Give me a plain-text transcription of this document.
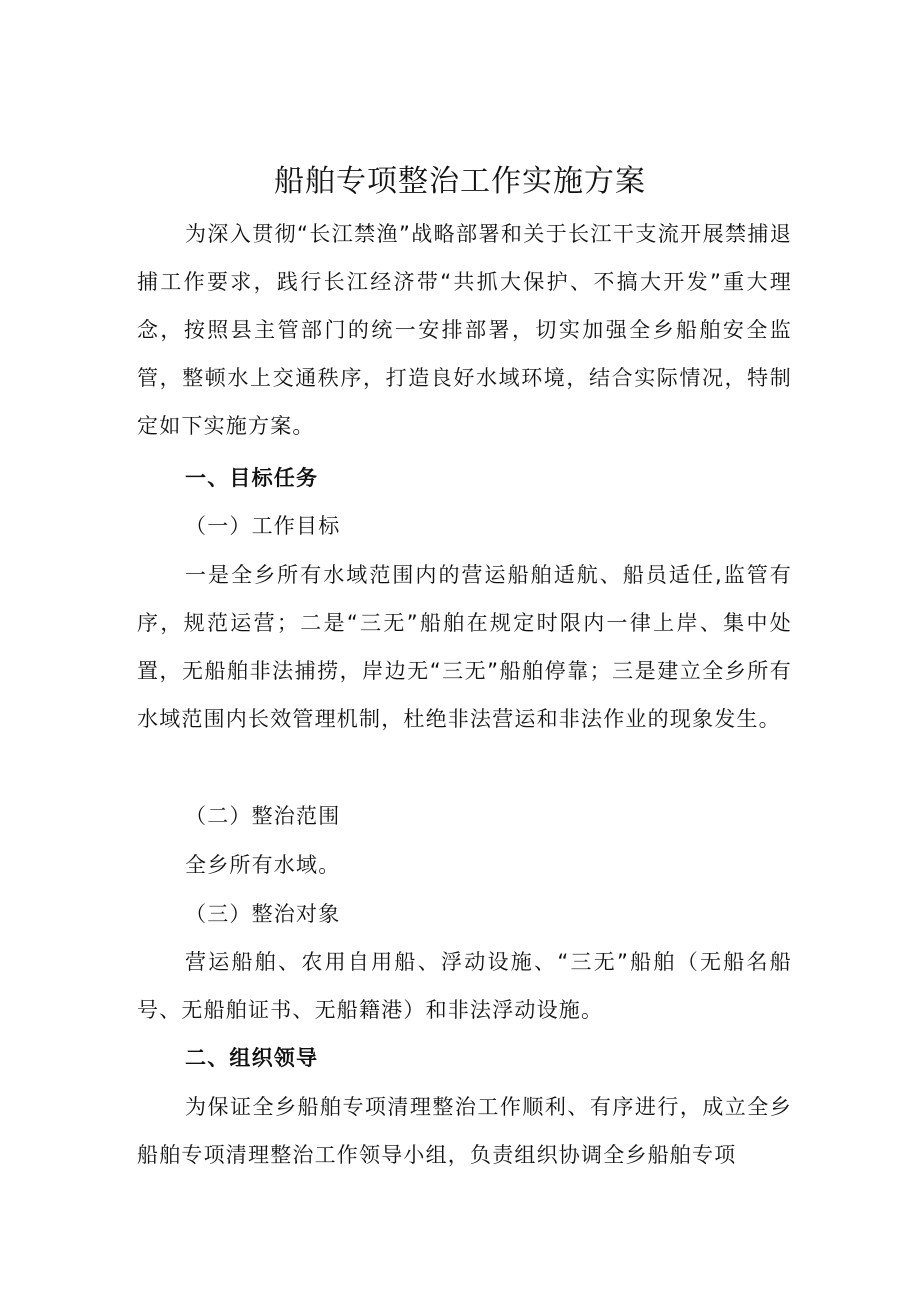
船舶专项整治工作实施方案

为深入贯彻“长江禁渔”战略部署和关于长江干支流开展禁捕退捕工作要求，践行长江经济带“共抓大保护、不搞大开发”重大理念，按照县主管部门的统一安排部署，切实加强全乡船舶安全监管，整顿水上交通秩序，打造良好水域环境，结合实际情况，特制定如下实施方案。

一、目标任务
（一）工作目标

一是全乡所有水域范围内的营运船舶适航、船员适任,监管有序，规范运营；二是“三无”船舶在规定时限内一律上岸、集中处置，无船舶非法捕捞，岸边无“三无”船舶停靠；三是建立全乡所有水域范围内长效管理机制，杜绝非法营运和非法作业的现象发生。

（二）整治范围
全乡所有水域。
（三）整治对象

营运船舶、农用自用船、浮动设施、“三无”船舶（无船名船号、无船舶证书、无船籍港）和非法浮动设施。

二、组织领导

为保证全乡船舶专项清理整治工作顺利、有序进行，成立全乡船舶专项清理整治工作领导小组，负责组织协调全乡船舶专项
